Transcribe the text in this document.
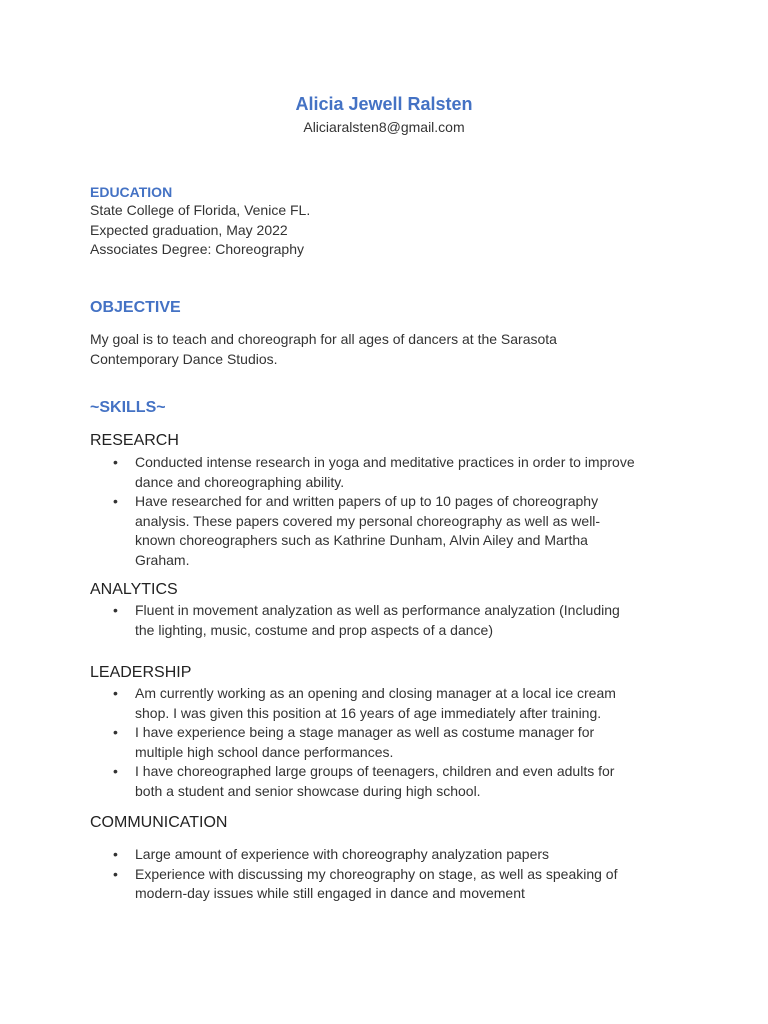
Alicia Jewell Ralsten
Aliciaralsten8@gmail.com

EDUCATION

State College of Florida, Venice FL.

Expected graduation, May 2022

Associates Degree: Choreography

OBJECTIVE

My goal is to teach and choreograph for all ages of dancers at the Sarasota

Contemporary Dance Studios.

~SKILLS~

RESEARCH

• Conducted intense research in yoga and meditative practices in order to improve
dance and choreographing ability.
• Have researched for and written papers of up to 10 pages of choreography
analysis. These papers covered my personal choreography as well as well-
known choreographers such as Kathrine Dunham, Alvin Ailey and Martha
Graham.

ANALYTICS

• Fluent in movement analyzation as well as performance analyzation (Including
the lighting, music, costume and prop aspects of a dance)

LEADERSHIP

• Am currently working as an opening and closing manager at a local ice cream
shop. I was given this position at 16 years of age immediately after training.
• I have experience being a stage manager as well as costume manager for
multiple high school dance performances.
• I have choreographed large groups of teenagers, children and even adults for
both a student and senior showcase during high school.

COMMUNICATION

• Large amount of experience with choreography analyzation papers
• Experience with discussing my choreography on stage, as well as speaking of
modern-day issues while still engaged in dance and movement
